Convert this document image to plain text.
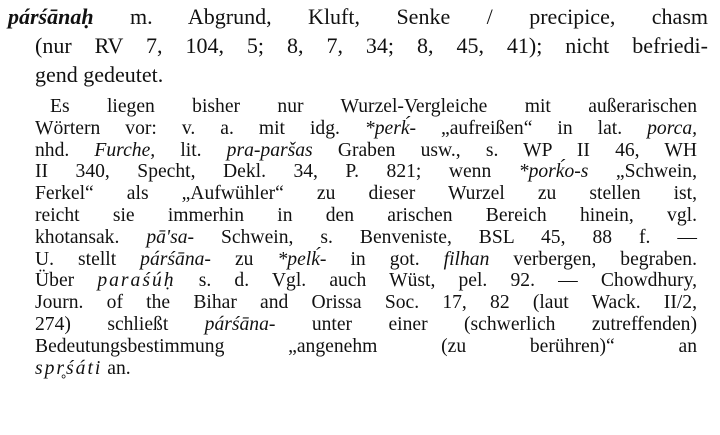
párśānaḥ m. Abgrund, Kluft, Senke / precipice, chasm
(nur RV 7, 104, 5; 8, 7, 34; 8, 45, 41); nicht befriedi-
gend gedeutet.
Es liegen bisher nur Wurzel-Vergleiche mit außerarischen
Wörtern vor: v. a. mit idg. *perḱ- „aufreißen“ in lat. porca,
nhd. Furche, lit. pra-paršas Graben usw., s. WP II 46, WH
II 340, Specht, Dekl. 34, P. 821; wenn *porḱo-s „Schwein,
Ferkel“ als „Aufwühler“ zu dieser Wurzel zu stellen ist,
reicht sie immerhin in den arischen Bereich hinein, vgl.
khotansak. pā'sa- Schwein, s. Benveniste, BSL 45, 88 f. —
U. stellt párśāna- zu *pelḱ- in got. filhan verbergen, begraben.
Über paraśúḥ s. d. Vgl. auch Wüst, pel. 92. — Chowdhury,
Journ. of the Bihar and Orissa Soc. 17, 82 (laut Wack. II/2,
274) schließt párśāna- unter einer (schwerlich zutreffenden)
Bedeutungsbestimmung „angenehm (zu berühren)“ an
spr̥śáti an.
